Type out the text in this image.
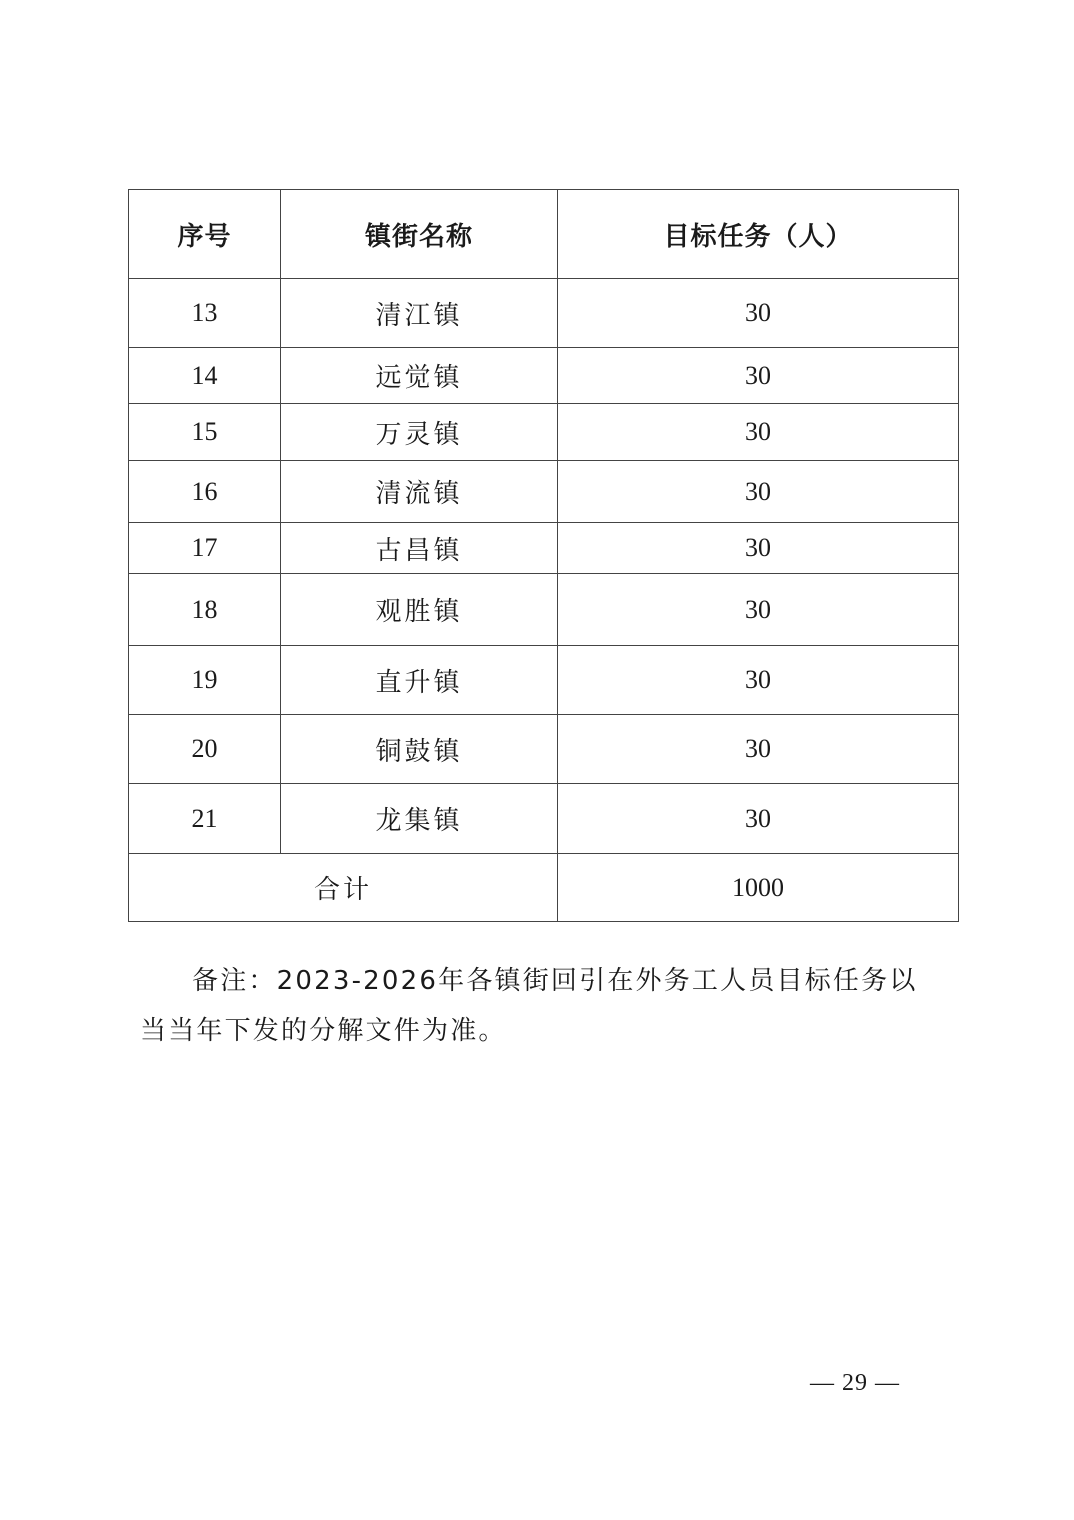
序号	镇街名称	目标任务（人）
13	清江镇	30
14	远觉镇	30
15	万灵镇	30
16	清流镇	30
17	古昌镇	30
18	观胜镇	30
19	直升镇	30
20	铜鼓镇	30
21	龙集镇	30
合计		1000

备注：2023-2026年各镇街回引在外务工人员目标任务以当当年下发的分解文件为准。

— 29 —
